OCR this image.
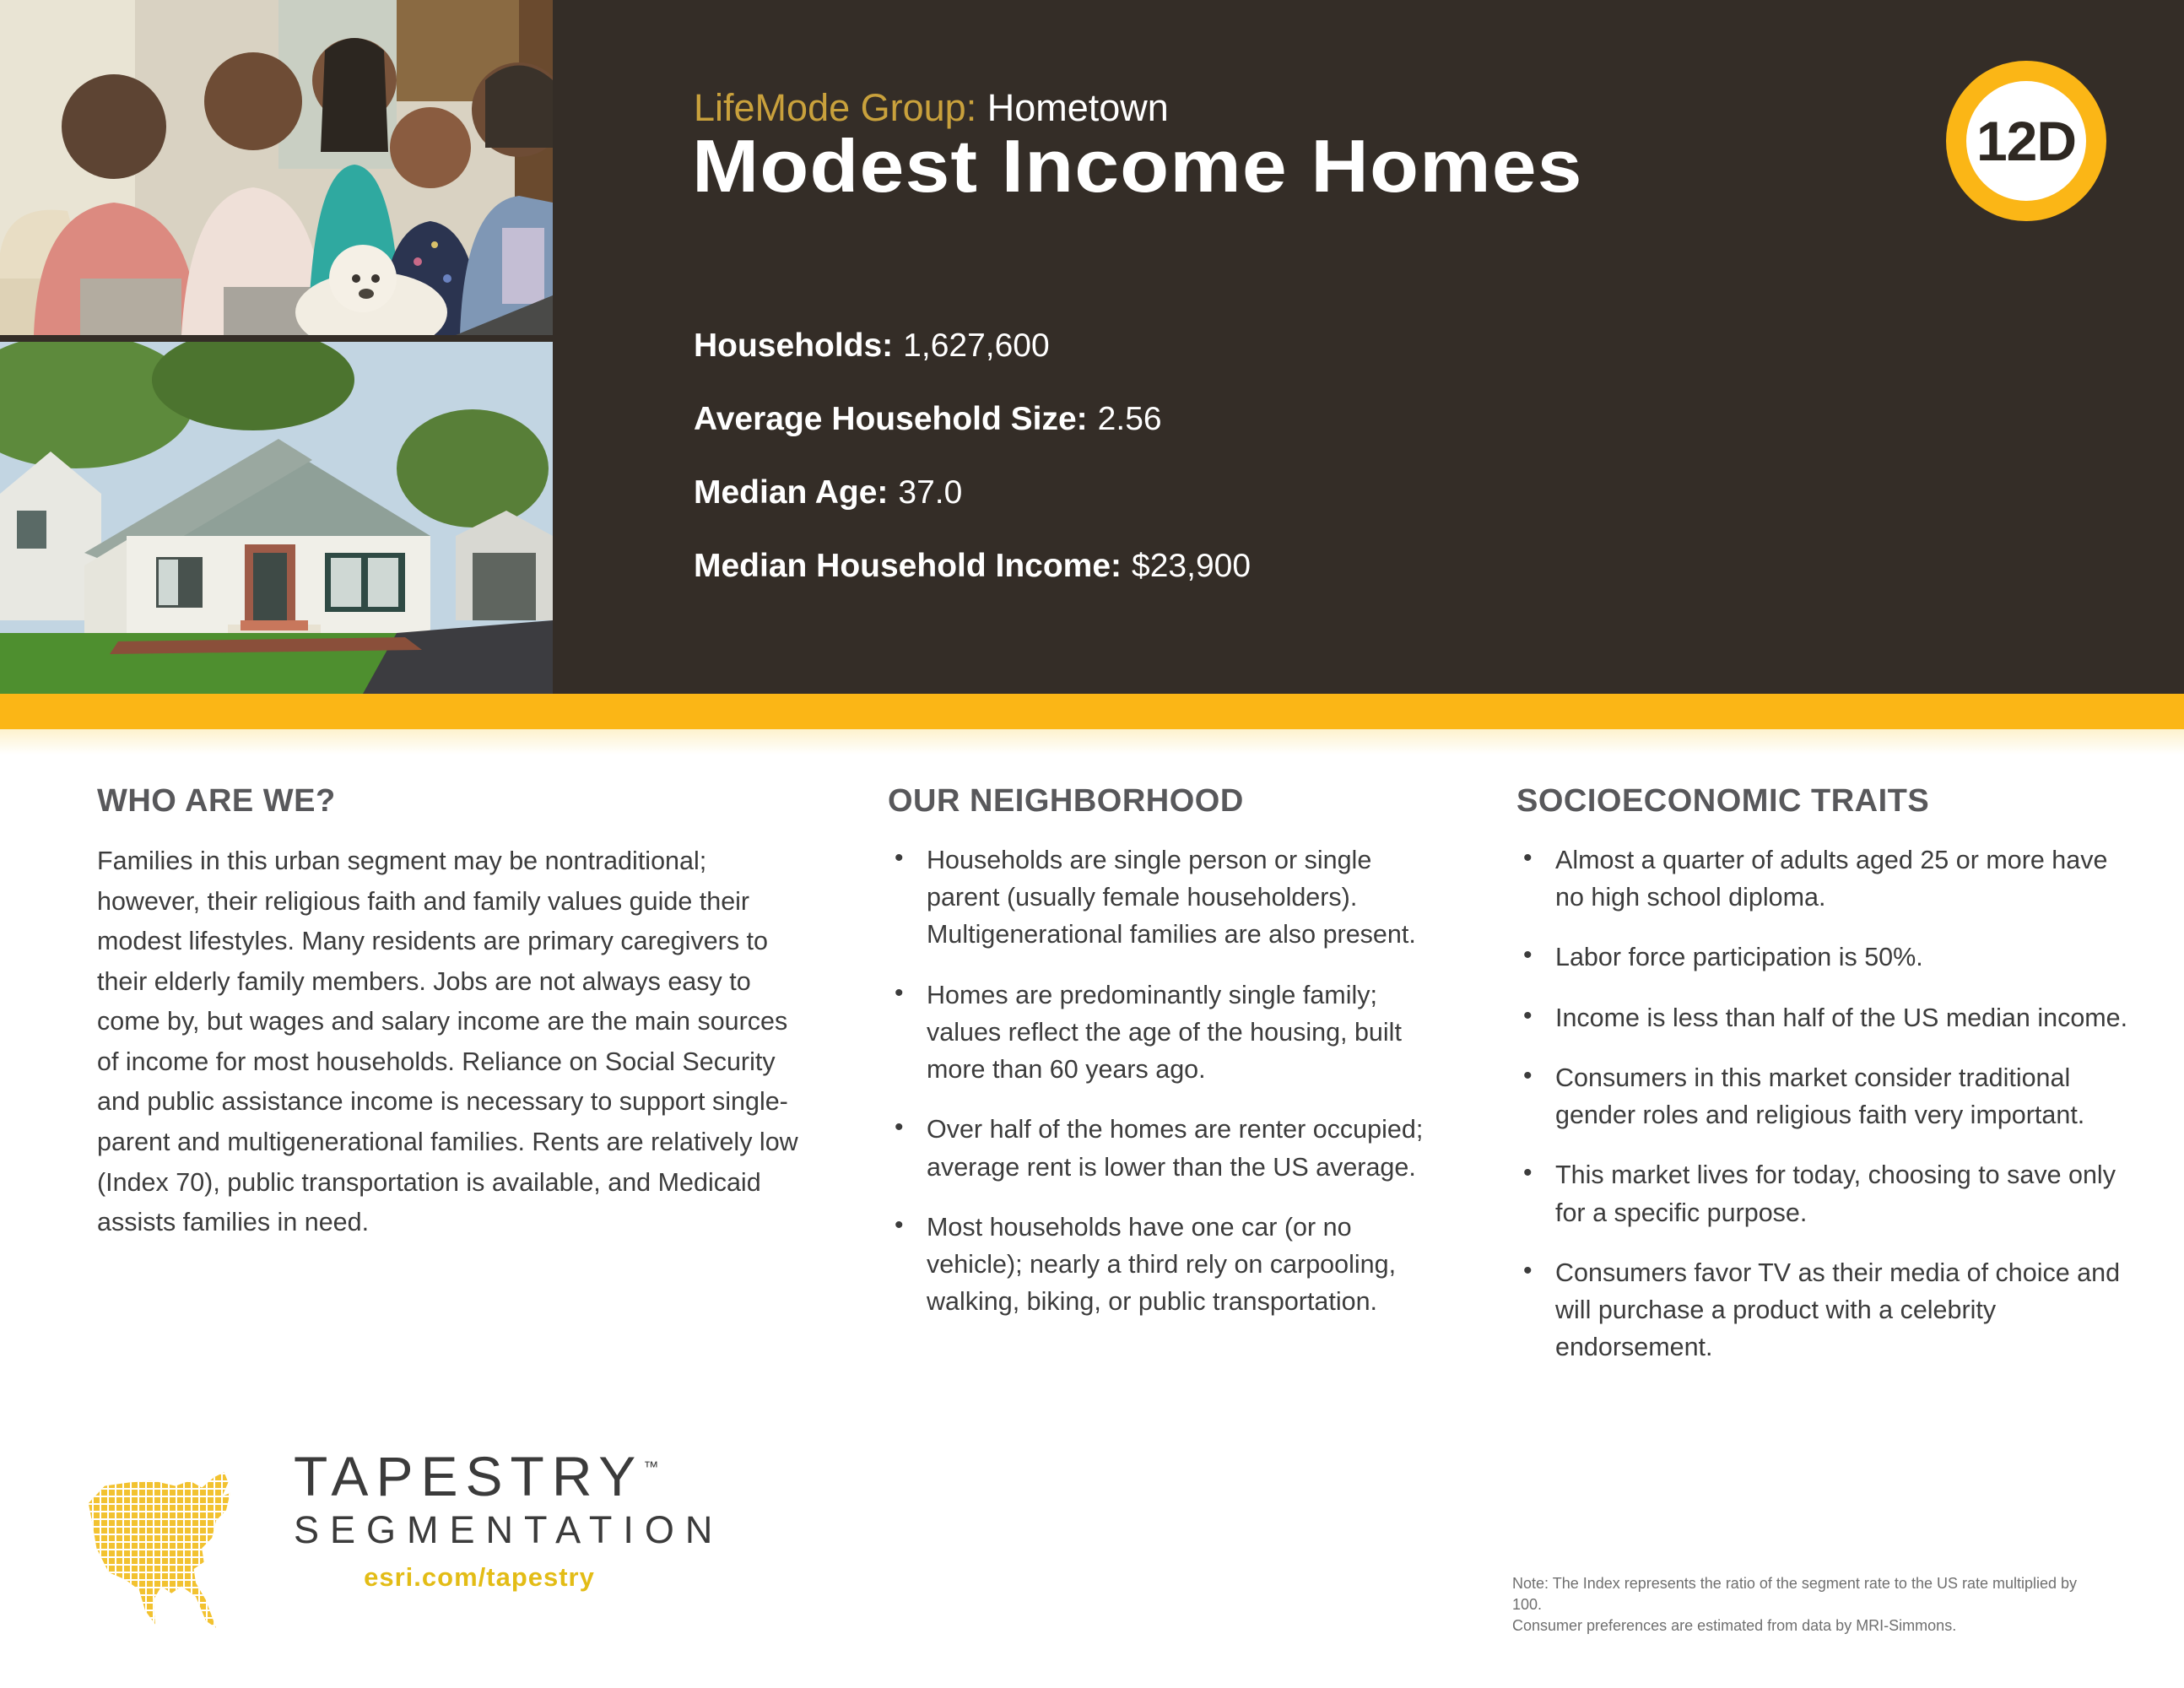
LifeMode Group: Hometown
Modest Income Homes
Households: 1,627,600
Average Household Size: 2.56
Median Age: 37.0
Median Household Income: $23,900
12D
WHO ARE WE?

Families in this urban segment may be nontraditional; however, their religious faith and family values guide their modest lifestyles. Many residents are primary caregivers to their elderly family members. Jobs are not always easy to come by, but wages and salary income are the main sources of income for most households. Reliance on Social Security and public assistance income is necessary to support single-parent and multigenerational families. Rents are relatively low (Index 70), public transportation is available, and Medicaid assists families in need.

OUR NEIGHBORHOOD
• Households are single person or single parent (usually female householders). Multigenerational families are also present.
• Homes are predominantly single family; values reflect the age of the housing, built more than 60 years ago.
• Over half of the homes are renter occupied; average rent is lower than the US average.
• Most households have one car (or no vehicle); nearly a third rely on carpooling, walking, biking, or public transportation.
SOCIOECONOMIC TRAITS
• Almost a quarter of adults aged 25 or more have no high school diploma.
• Labor force participation is 50%.
• Income is less than half of the US median income.
• Consumers in this market consider traditional gender roles and religious faith very important.
• This market lives for today, choosing to save only for a specific purpose.
• Consumers favor TV as their media of choice and will purchase a product with a celebrity endorsement.
TAPESTRY™
SEGMENTATION
esri.com/tapestry	Note: The Index represents the ratio of the segment rate to the US rate multiplied by 100.
Consumer preferences are estimated from data by MRI-Simmons.
